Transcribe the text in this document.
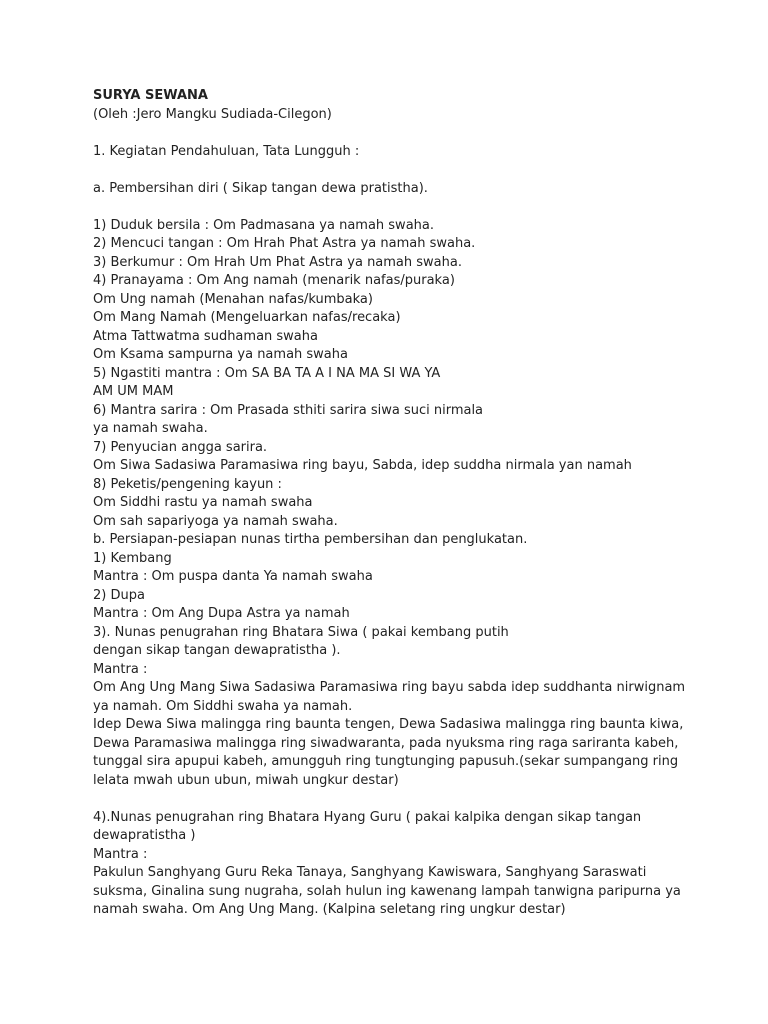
SURYA SEWANA
(Oleh :Jero Mangku Sudiada-Cilegon)
1. Kegiatan Pendahuluan, Tata Lungguh :
a. Pembersihan diri ( Sikap tangan dewa pratistha).
1) Duduk bersila : Om Padmasana ya namah swaha.
2) Mencuci tangan : Om Hrah Phat Astra ya namah swaha.
3) Berkumur : Om Hrah Um Phat Astra ya namah swaha.
4) Pranayama : Om Ang namah (menarik nafas/puraka)
Om Ung namah (Menahan nafas/kumbaka)
Om Mang Namah (Mengeluarkan nafas/recaka)
Atma Tattwatma sudhaman swaha
Om Ksama sampurna ya namah swaha
5) Ngastiti mantra : Om SA BA TA A I NA MA SI WA YA
AM UM MAM
6) Mantra sarira : Om Prasada sthiti sarira siwa suci nirmala
ya namah swaha.
7) Penyucian angga sarira.
Om Siwa Sadasiwa Paramasiwa ring bayu, Sabda, idep suddha nirmala yan namah
8) Peketis/pengening kayun :
Om Siddhi rastu ya namah swaha
Om sah sapariyoga ya namah swaha.
b. Persiapan-pesiapan nunas tirtha pembersihan dan penglukatan.
1) Kembang
Mantra : Om puspa danta Ya namah swaha
2) Dupa
Mantra : Om Ang Dupa Astra ya namah
3). Nunas penugrahan ring Bhatara Siwa ( pakai kembang putih
dengan sikap tangan dewapratistha ).
Mantra :
Om Ang Ung Mang Siwa Sadasiwa Paramasiwa ring bayu sabda idep suddhanta nirwignam
ya namah. Om Siddhi swaha ya namah.
Idep Dewa Siwa malingga ring baunta tengen, Dewa Sadasiwa malingga ring baunta kiwa,
Dewa Paramasiwa malingga ring siwadwaranta, pada nyuksma ring raga sariranta kabeh,
tunggal sira apupui kabeh, amungguh ring tungtunging papusuh.(sekar sumpangang ring
lelata mwah ubun ubun, miwah ungkur destar)
4).Nunas penugrahan ring Bhatara Hyang Guru ( pakai kalpika dengan sikap tangan
dewapratistha )
Mantra :
Pakulun Sanghyang Guru Reka Tanaya, Sanghyang Kawiswara, Sanghyang Saraswati
suksma, Ginalina sung nugraha, solah hulun ing kawenang lampah tanwigna paripurna ya
namah swaha. Om Ang Ung Mang. (Kalpina seletang ring ungkur destar)
